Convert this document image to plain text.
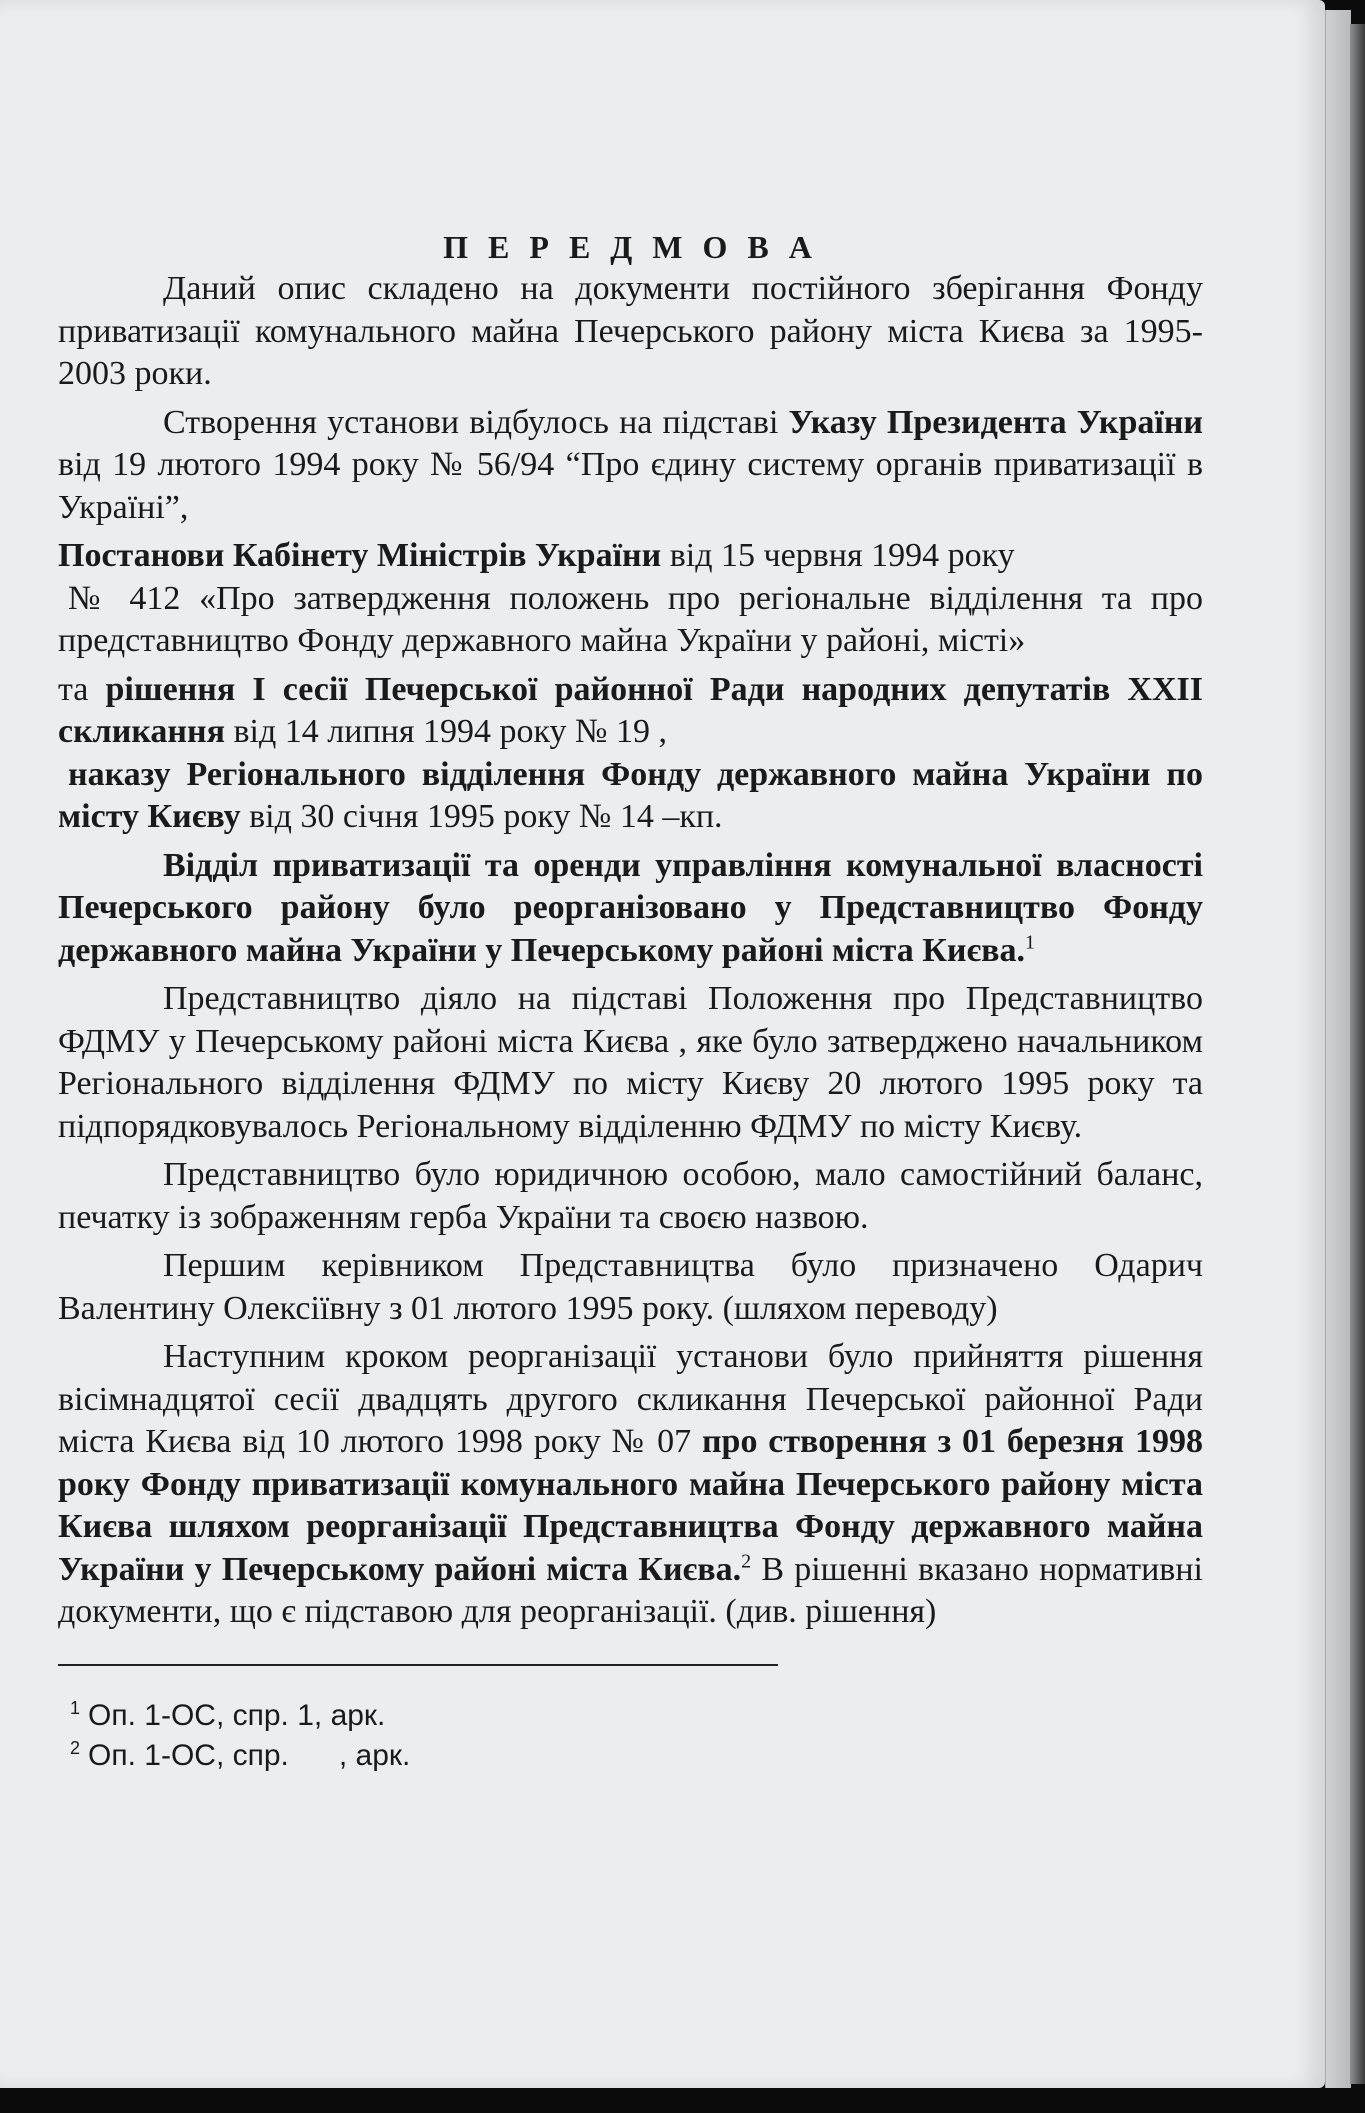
П Е Р Е Д М О В А

Даний опис складено на документи постійного зберігання Фонду приватизації комунального майна Печерського району міста Києва за 1995-2003 роки.

Створення установи відбулось на підставі Указу Президента України від 19 лютого 1994 року № 56/94 “Про єдину систему органів приватизації в Україні”,

Постанови Кабінету Міністрів України від 15 червня 1994 року

№ 412 «Про затвердження положень про регіональне відділення та про представництво Фонду державного майна України у районі, місті»

та рішення I сесії Печерської районної Ради народних депутатів XXII скликання від 14 липня 1994 року № 19 ,

наказу Регіонального відділення Фонду державного майна України по місту Києву від 30 січня 1995 року № 14 –кп.

Відділ приватизації та оренди управління комунальної власності Печерського району було реорганізовано у Представництво Фонду державного майна України у Печерському районі міста Києва.$^1$

Представництво діяло на підставі Положення про Представництво ФДМУ у Печерському районі міста Києва , яке було затверджено начальником Регіонального відділення ФДМУ по місту Києву 20 лютого 1995 року та підпорядковувалось Регіональному відділенню ФДМУ по місту Києву.

Представництво було юридичною особою, мало самостійний баланс, печатку із зображенням герба України та своєю назвою.

Першим керівником Представництва було призначено Одарич Валентину Олексіївну з 01 лютого 1995 року. (шляхом переводу)

Наступним кроком реорганізації установи було прийняття рішення вісімнадцятої сесії двадцять другого скликання Печерської районної Ради міста Києва від 10 лютого 1998 року № 07 про створення з 01 березня 1998 року Фонду приватизації комунального майна Печерського району міста Києва шляхом реорганізації Представництва Фонду державного майна України у Печерському районі міста Києва.$^2$ В рішенні вказано нормативні документи, що є підставою для реорганізації. (див. рішення)

$^1$ Оп. 1-ОС, спр. 1, арк.
$^2$ Оп. 1-ОС, спр.      , арк.
